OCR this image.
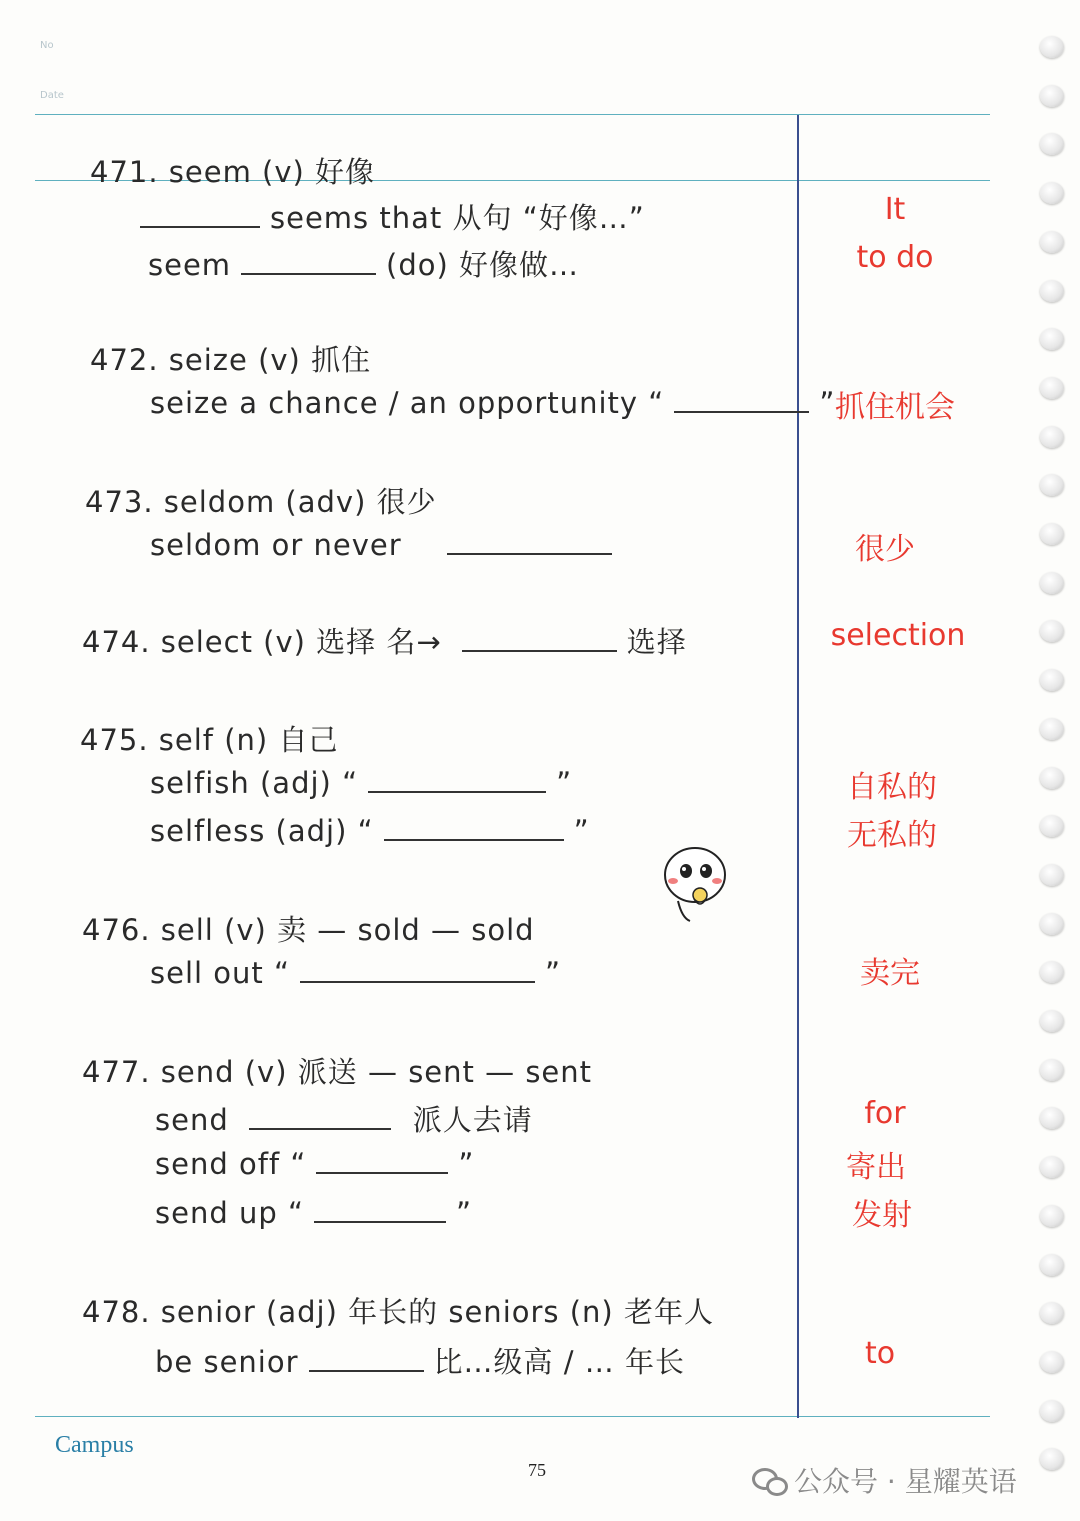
No
Date
471. seem (v) 好像
seems that 从句 “好像…”
seem	(do) 好像做…
472. seize (v) 抓住
seize a chance / an opportunity “	”
473. seldom (adv) 很少
seldom or never
474. select (v) 选择 名→	选择
475. self (n) 自己
selfish (adj) “	”
selfless (adj) “	”
476. sell (v) 卖 — sold — sold
sell out “	”
477. send (v) 派送 — sent — sent
send	派人去请
send off “	”
send up “	”
478. senior (adj) 年长的 seniors (n) 老年人
be senior	比…级高 / … 年长
It
to do
抓住机会
很少
selection
自私的
无私的
卖完
for
寄出
发射
to
Campus
75	公众号 · 星耀英语
